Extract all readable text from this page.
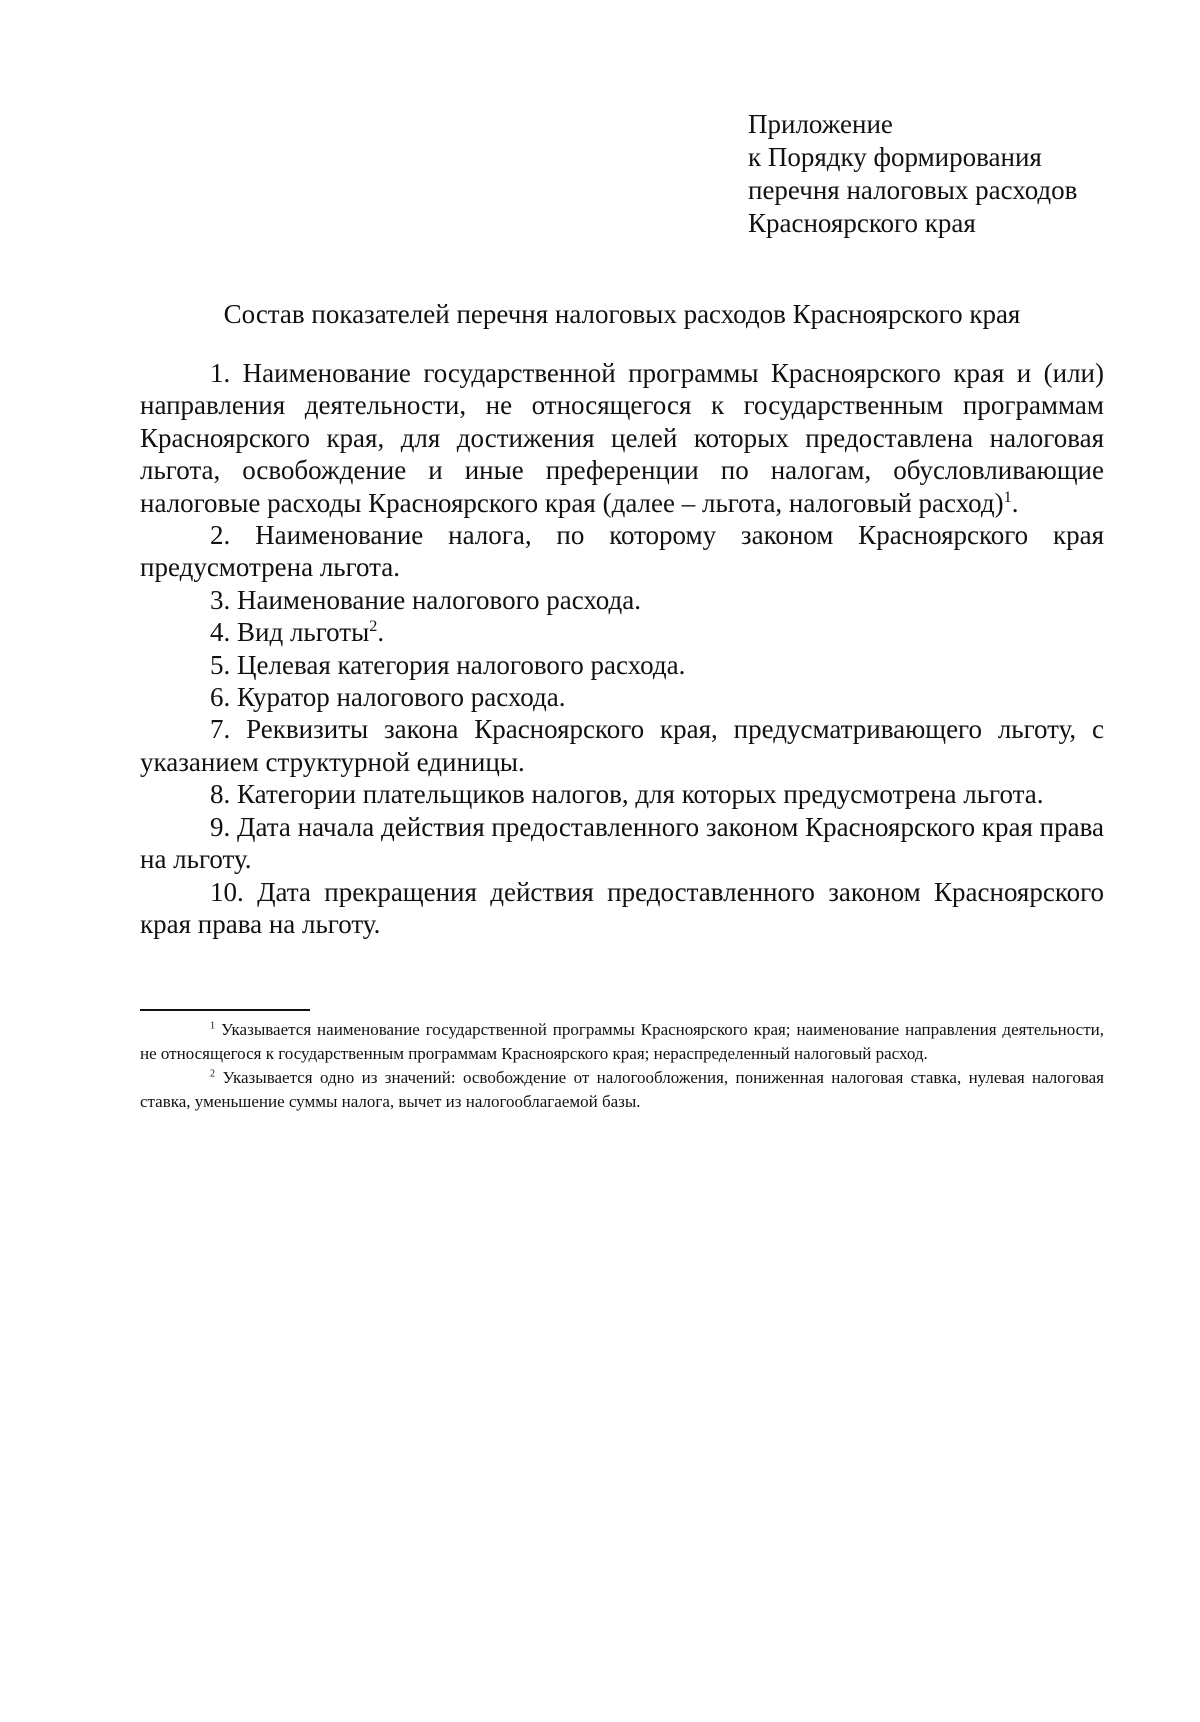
Приложение
к Порядку формирования
перечня налоговых расходов
Красноярского края
Состав показателей перечня налоговых расходов Красноярского края

1. Наименование государственной программы Красноярского края и (или) направления деятельности, не относящегося к государственным программам Красноярского края, для достижения целей которых предоставлена налоговая льгота, освобождение и иные преференции по налогам, обусловливающие налоговые расходы Красноярского края (далее – льгота, налоговый расход)$^1$.

2. Наименование налога, по которому законом Красноярского края предусмотрена льгота.

3. Наименование налогового расхода.

4. Вид льготы$^2$.

5. Целевая категория налогового расхода.

6. Куратор налогового расхода.

7. Реквизиты закона Красноярского края, предусматривающего льготу, с указанием структурной единицы.

8. Категории плательщиков налогов, для которых предусмотрена льгота.

9. Дата начала действия предоставленного законом Красноярского края права на льготу.

10. Дата прекращения действия предоставленного законом Красноярского края права на льготу.

$^1$ Указывается наименование государственной программы Красноярского края; наименование направления деятельности, не относящегося к государственным программам Красноярского края; нераспределенный налоговый расход.

$^2$ Указывается одно из значений: освобождение от налогообложения, пониженная налоговая ставка, нулевая налоговая ставка, уменьшение суммы налога, вычет из налогооблагаемой базы.
